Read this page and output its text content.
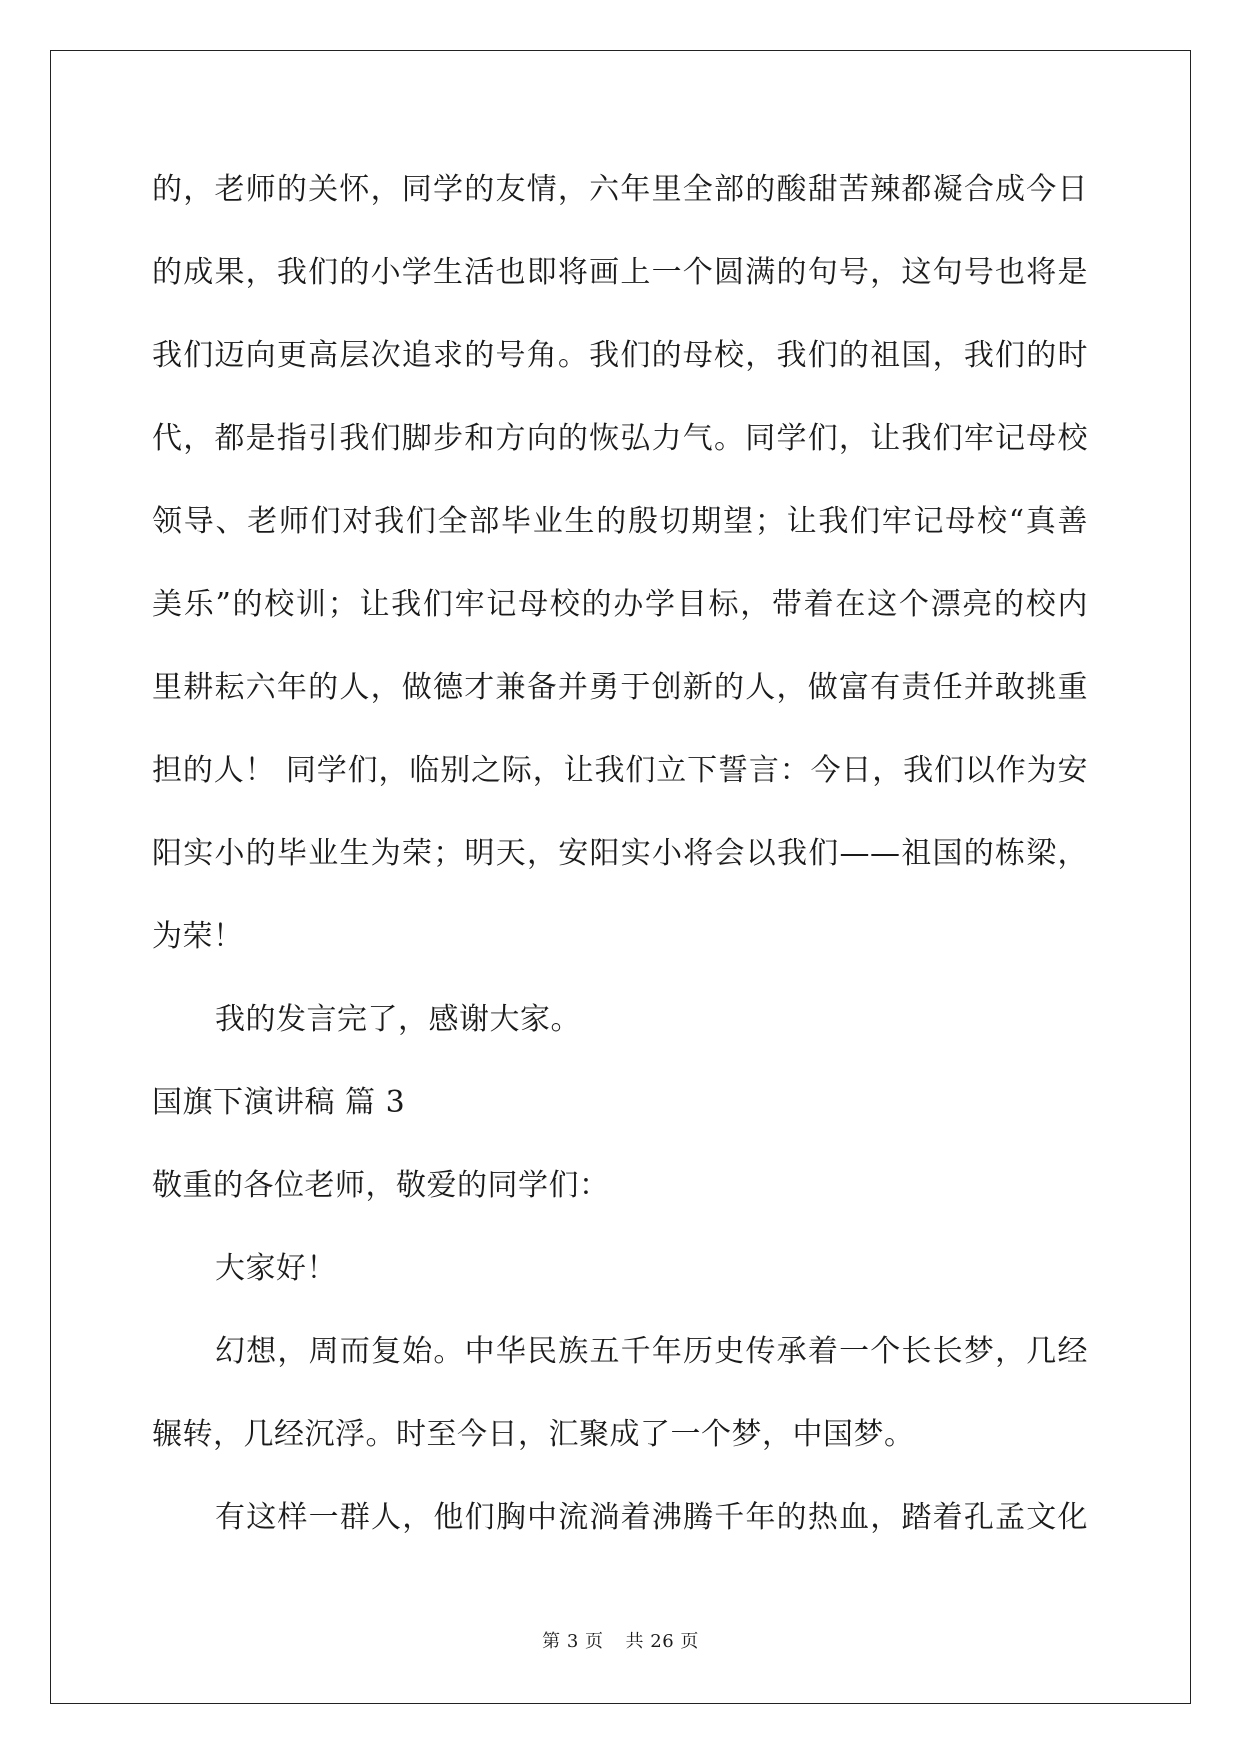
的，老师的关怀，同学的友情，六年里全部的酸甜苦辣都凝合成今日
的成果，我们的小学生活也即将画上一个圆满的句号，这句号也将是
我们迈向更高层次追求的号角。我们的母校，我们的祖国，我们的时
代，都是指引我们脚步和方向的恢弘力气。同学们，让我们牢记母校
领导、老师们对我们全部毕业生的殷切期望；让我们牢记母校“真善
美乐”的校训；让我们牢记母校的办学目标，带着在这个漂亮的校内
里耕耘六年的人，做德才兼备并勇于创新的人，做富有责任并敢挑重
担的人！ 同学们，临别之际，让我们立下誓言：今日，我们以作为安
阳实小的毕业生为荣；明天，安阳实小将会以我们——祖国的栋梁，
为荣！
我的发言完了，感谢大家。
国旗下演讲稿 篇 3
敬重的各位老师，敬爱的同学们：
大家好！
幻想，周而复始。中华民族五千年历史传承着一个长长梦，几经
辗转，几经沉浮。时至今日，汇聚成了一个梦，中国梦。
有这样一群人，他们胸中流淌着沸腾千年的热血，踏着孔孟文化
第 3 页 共 26 页
